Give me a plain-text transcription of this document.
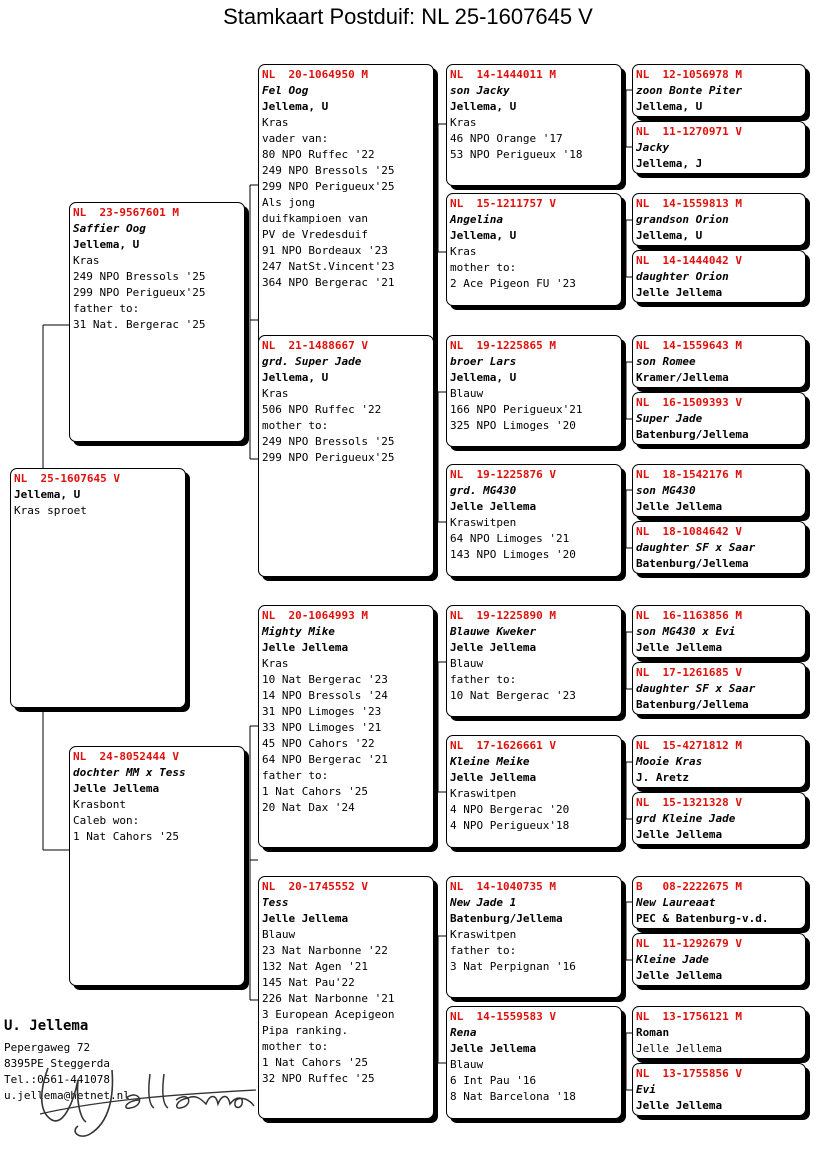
Stamkaart Postduif: NL 25-1607645 V
NL  25-1607645 V
Jellema, U
Kras sproet
NL  23-9567601 M
Saffier Oog
Jellema, U
Kras
249 NPO Bressols '25
299 NPO Perigueux'25
father to:
31 Nat. Bergerac '25
NL  24-8052444 V
dochter MM x Tess
Jelle Jellema
Krasbont
Caleb won:
1 Nat Cahors '25
NL  20-1064950 M
Fel Oog
Jellema, U
Kras
vader van:
80 NPO Ruffec '22
249 NPO Bressols '25
299 NPO Perigueux'25
Als jong
duifkampioen van
PV de Vredesduif
91 NPO Bordeaux '23
247 NatSt.Vincent'23
364 NPO Bergerac '21
NL  21-1488667 V
grd. Super Jade
Jellema, U
Kras
506 NPO Ruffec '22
mother to:
249 NPO Bressols '25
299 NPO Perigueux'25
NL  20-1064993 M
Mighty Mike
Jelle Jellema
Kras
10 Nat Bergerac '23
14 NPO Bressols '24
31 NPO Limoges '23
33 NPO Limoges '21
45 NPO Cahors '22
64 NPO Bergerac '21
father to:
1 Nat Cahors '25
20 Nat Dax '24
NL  20-1745552 V
Tess
Jelle Jellema
Blauw
23 Nat Narbonne '22
132 Nat Agen '21
145 Nat Pau'22
226 Nat Narbonne '21
3 European Acepigeon
Pipa ranking.
mother to:
1 Nat Cahors '25
32 NPO Ruffec '25
NL  14-1444011 M
son Jacky
Jellema, U
Kras
46 NPO Orange '17
53 NPO Perigueux '18
NL  15-1211757 V
Angelina
Jellema, U
Kras
mother to:
2 Ace Pigeon FU '23
NL  19-1225865 M
broer Lars
Jellema, U
Blauw
166 NPO Perigueux'21
325 NPO Limoges '20
NL  19-1225876 V
grd. MG430
Jelle Jellema
Kraswitpen
64 NPO Limoges '21
143 NPO Limoges '20
NL  19-1225890 M
Blauwe Kweker
Jelle Jellema
Blauw
father to:
10 Nat Bergerac '23
NL  17-1626661 V
Kleine Meike
Jelle Jellema
Kraswitpen
4 NPO Bergerac '20
4 NPO Perigueux'18
NL  14-1040735 M
New Jade 1
Batenburg/Jellema
Kraswitpen
father to:
3 Nat Perpignan '16
NL  14-1559583 V
Rena
Jelle Jellema
Blauw
6 Int Pau '16
8 Nat Barcelona '18
NL  12-1056978 M
zoon Bonte Piter
Jellema, U
NL  11-1270971 V
Jacky
Jellema, J
NL  14-1559813 M
grandson Orion
Jellema, U
NL  14-1444042 V
daughter Orion
Jelle Jellema
NL  14-1559643 M
son Romee
Kramer/Jellema
NL  16-1509393 V
Super Jade
Batenburg/Jellema
NL  18-1542176 M
son MG430
Jelle Jellema
NL  18-1084642 V
daughter SF x Saar
Batenburg/Jellema
NL  16-1163856 M
son MG430 x Evi
Jelle Jellema
NL  17-1261685 V
daughter SF x Saar
Batenburg/Jellema
NL  15-4271812 M
Mooie Kras
J. Aretz
NL  15-1321328 V
grd Kleine Jade
Jelle Jellema
B   08-2222675 M
New Laureaat
PEC & Batenburg-v.d.
NL  11-1292679 V
Kleine Jade
Jelle Jellema
NL  13-1756121 M
Roman
Jelle Jellema
NL  13-1755856 V
Evi
Jelle Jellema
U. Jellema
Pepergaweg 72
8395PE Steggerda
Tel.:0561-441078
u.jellema@hetnet.nl
